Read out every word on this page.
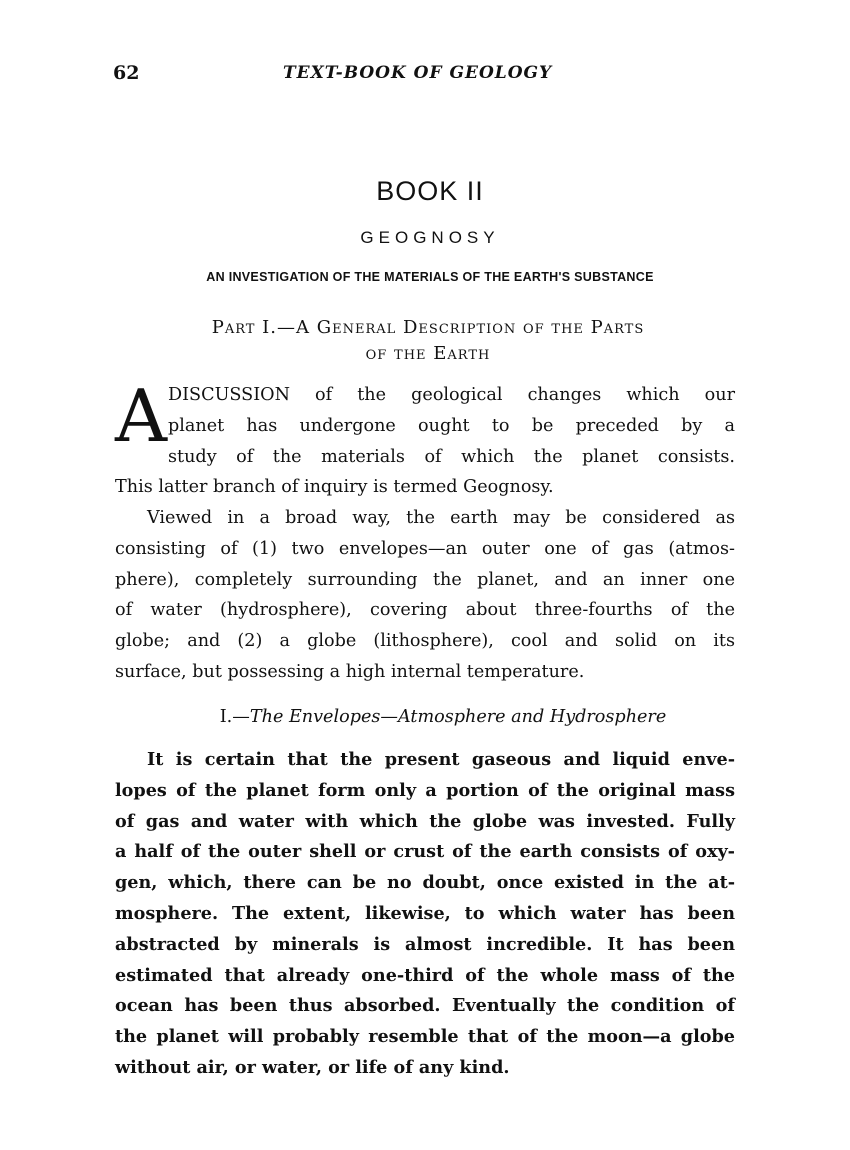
62	TEXT-BOOK OF GEOLOGY
BOOK II
GEOGNOSY
AN INVESTIGATION OF THE MATERIALS OF THE EARTH'S SUBSTANCE
Part I.—A General Description of the Parts
of the Earth
A DISCUSSION of the geological changes which our
planet has undergone ought to be preceded by a
study of the materials of which the planet consists.
This latter branch of inquiry is termed Geognosy.
Viewed in a broad way, the earth may be considered as
consisting of (1) two envelopes—an outer one of gas (atmos-
phere), completely surrounding the planet, and an inner one
of water (hydrosphere), covering about three-fourths of the
globe; and (2) a globe (lithosphere), cool and solid on its
surface, but possessing a high internal temperature.
I.—The Envelopes—Atmosphere and Hydrosphere
It is certain that the present gaseous and liquid enve-
lopes of the planet form only a portion of the original mass
of gas and water with which the globe was invested. Fully
a half of the outer shell or crust of the earth consists of oxy-
gen, which, there can be no doubt, once existed in the at-
mosphere. The extent, likewise, to which water has been
abstracted by minerals is almost incredible. It has been
estimated that already one-third of the whole mass of the
ocean has been thus absorbed. Eventually the condition of
the planet will probably resemble that of the moon—a globe
without air, or water, or life of any kind.
